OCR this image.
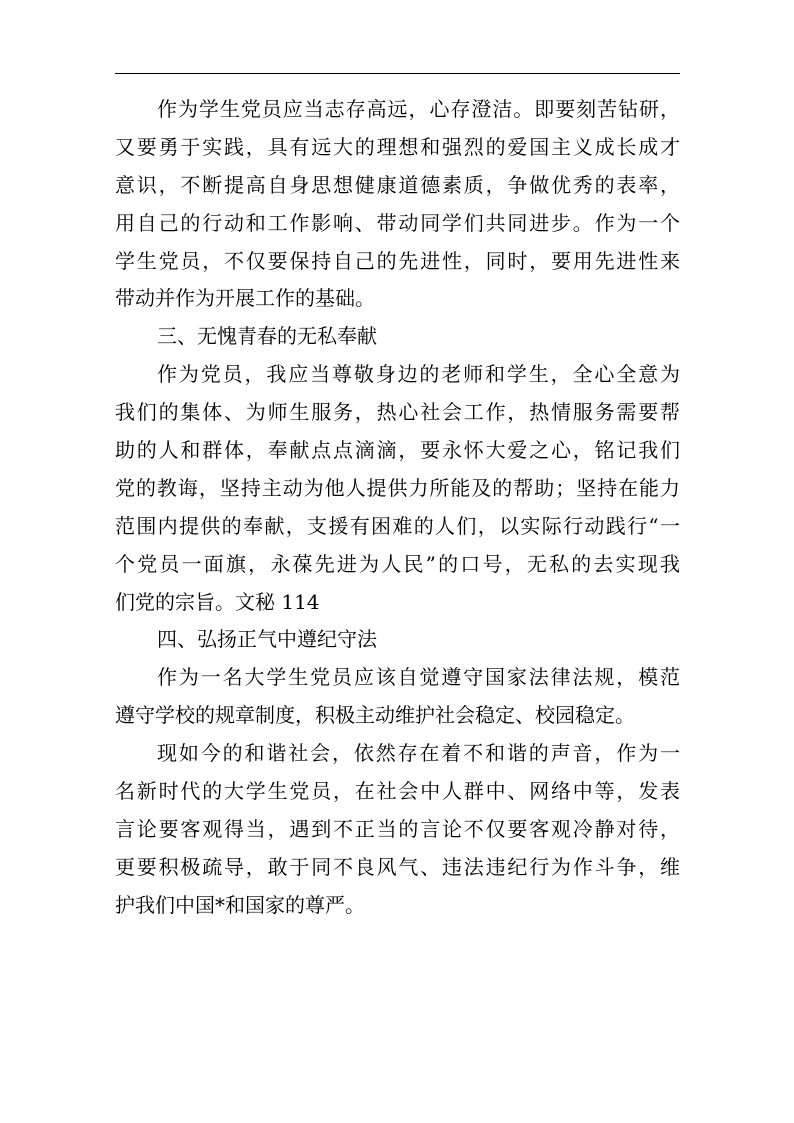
作为学生党员应当志存高远，心存澄洁。即要刻苦钻研，
又要勇于实践，具有远大的理想和强烈的爱国主义成长成才
意识，不断提高自身思想健康道德素质，争做优秀的表率，
用自己的行动和工作影响、带动同学们共同进步。作为一个
学生党员，不仅要保持自己的先进性，同时，要用先进性来
带动并作为开展工作的基础。
三、无愧青春的无私奉献
作为党员，我应当尊敬身边的老师和学生，全心全意为
我们的集体、为师生服务，热心社会工作，热情服务需要帮
助的人和群体，奉献点点滴滴，要永怀大爱之心，铭记我们
党的教诲，坚持主动为他人提供力所能及的帮助；坚持在能力
范围内提供的奉献，支援有困难的人们，以实际行动践行“一
个党员一面旗，永葆先进为人民”的口号，无私的去实现我
们党的宗旨。文秘 114
四、弘扬正气中遵纪守法
作为一名大学生党员应该自觉遵守国家法律法规，模范
遵守学校的规章制度，积极主动维护社会稳定、校园稳定。
现如今的和谐社会，依然存在着不和谐的声音，作为一
名新时代的大学生党员，在社会中人群中、网络中等，发表
言论要客观得当，遇到不正当的言论不仅要客观冷静对待，
更要积极疏导，敢于同不良风气、违法违纪行为作斗争，维
护我们中国*和国家的尊严。
